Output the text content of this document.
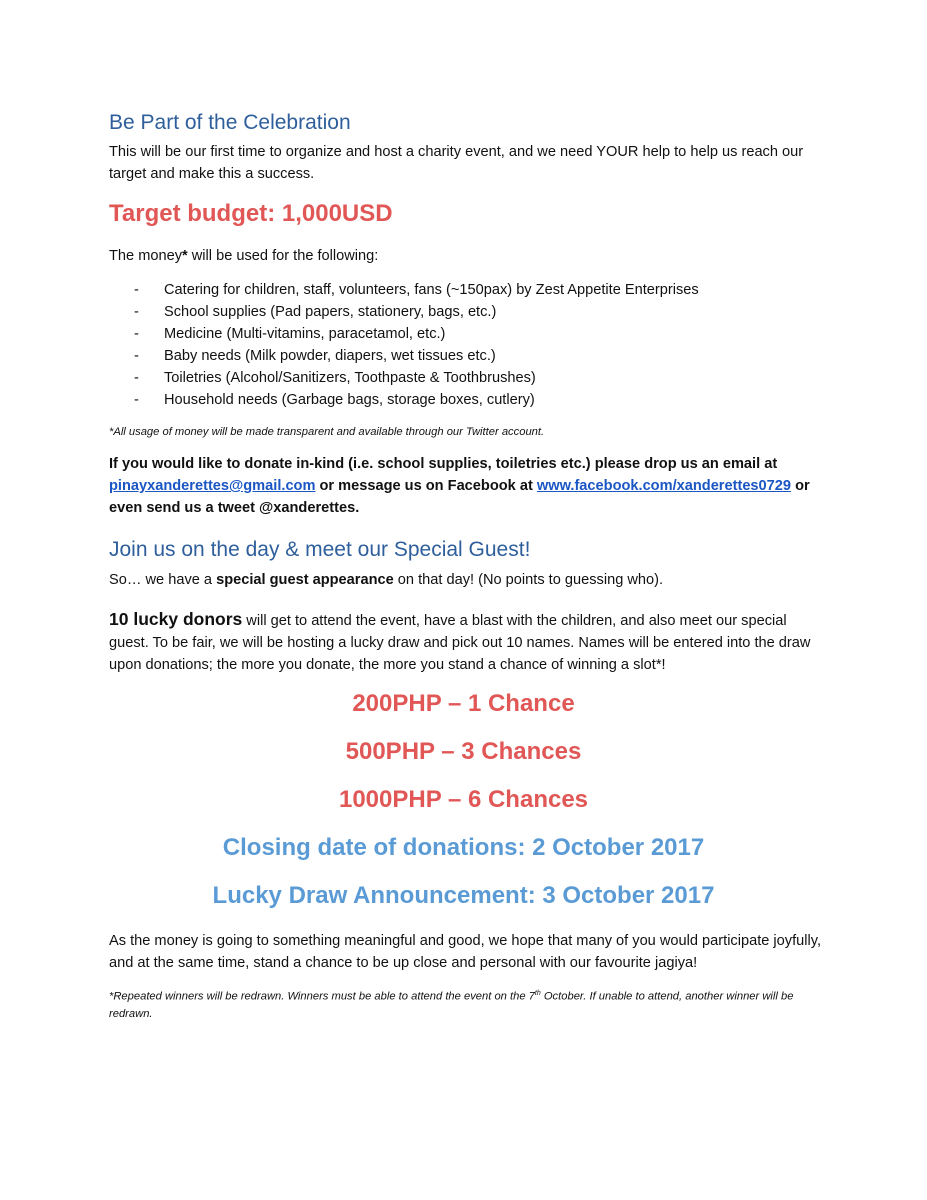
Be Part of the Celebration

This will be our first time to organize and host a charity event, and we need YOUR help to help us reach our target and make this a success.

Target budget: 1,000USD

The money* will be used for the following:

- Catering for children, staff, volunteers, fans (~150pax) by Zest Appetite Enterprises
- School supplies (Pad papers, stationery, bags, etc.)
- Medicine (Multi-vitamins, paracetamol, etc.)
- Baby needs (Milk powder, diapers, wet tissues etc.)
- Toiletries (Alcohol/Sanitizers, Toothpaste & Toothbrushes)
- Household needs (Garbage bags, storage boxes, cutlery)

*All usage of money will be made transparent and available through our Twitter account.

If you would like to donate in-kind (i.e. school supplies, toiletries etc.) please drop us an email at pinayxanderettes@gmail.com or message us on Facebook at www.facebook.com/xanderettes0729 or even send us a tweet @xanderettes.

Join us on the day & meet our Special Guest!

So… we have a special guest appearance on that day! (No points to guessing who).

10 lucky donors will get to attend the event, have a blast with the children, and also meet our special guest. To be fair, we will be hosting a lucky draw and pick out 10 names. Names will be entered into the draw upon donations; the more you donate, the more you stand a chance of winning a slot*!

200PHP – 1 Chance

500PHP – 3 Chances

1000PHP – 6 Chances

Closing date of donations: 2 October 2017

Lucky Draw Announcement: 3 October 2017

As the money is going to something meaningful and good, we hope that many of you would participate joyfully, and at the same time, stand a chance to be up close and personal with our favourite jagiya!

*Repeated winners will be redrawn. Winners must be able to attend the event on the 7th October. If unable to attend, another winner will be redrawn.
